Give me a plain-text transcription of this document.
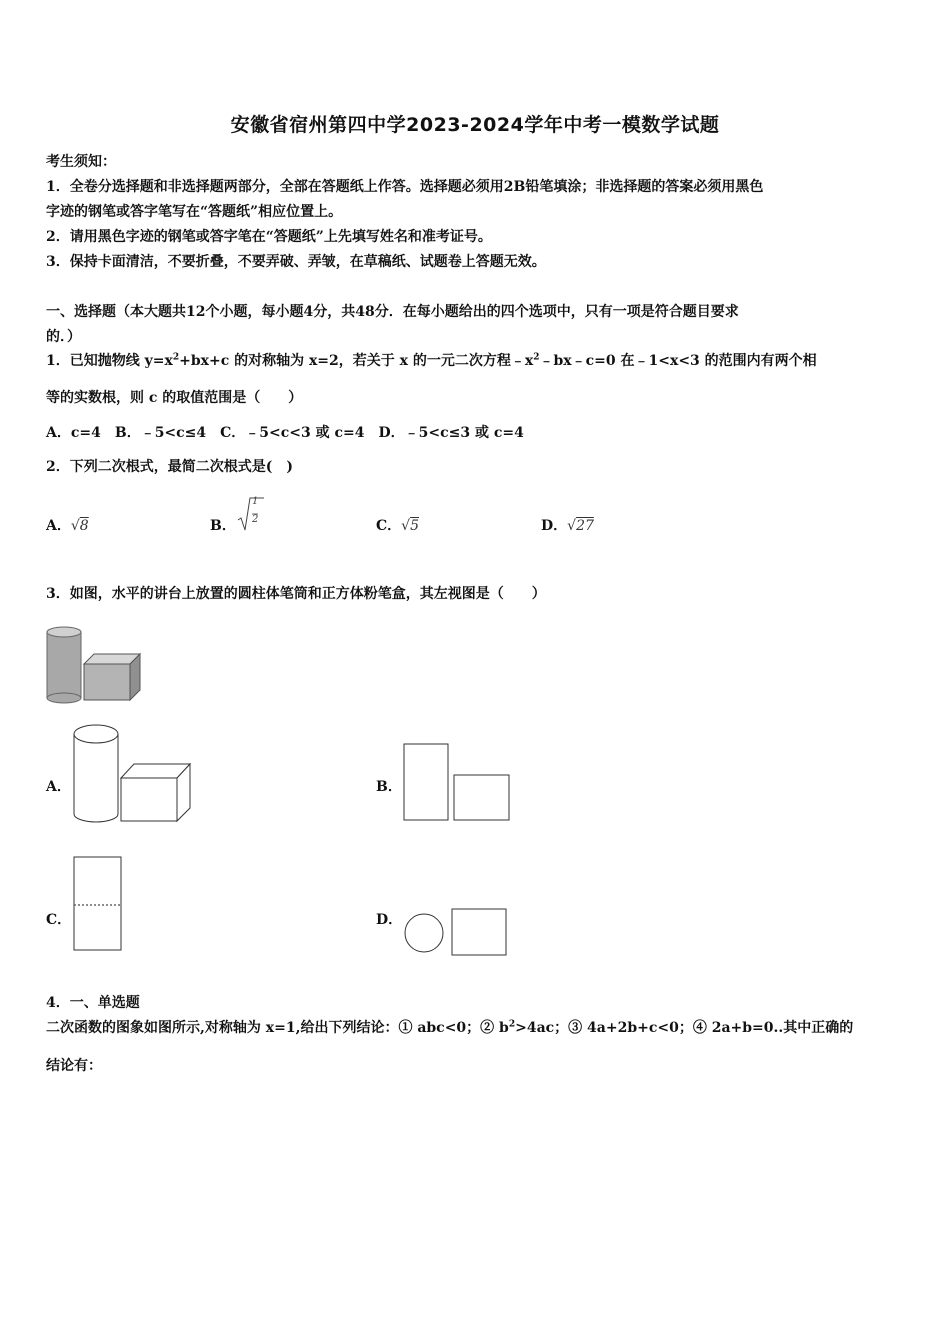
安徽省宿州第四中学2023-2024学年中考一模数学试题
考生须知：
1．全卷分选择题和非选择题两部分，全部在答题纸上作答。选择题必须用2B铅笔填涂；非选择题的答案必须用黑色
字迹的钢笔或答字笔写在“答题纸”相应位置上。
2．请用黑色字迹的钢笔或答字笔在“答题纸”上先填写姓名和准考证号。
3．保持卡面清洁，不要折叠，不要弄破、弄皱，在草稿纸、试题卷上答题无效。
一、选择题（本大题共12个小题，每小题4分，共48分．在每小题给出的四个选项中，只有一项是符合题目要求
的．）
1．已知抛物线 $y=x^2+bx+c$ 的对称轴为 x=2，若关于 x 的一元二次方程$﹣x^2﹣bx﹣c=0$ 在﹣1<x<3 的范围内有两个相
等的实数根，则 c 的取值范围是（　　）
A．c=4　B．﹣5<c≤4　C．﹣5<c<3 或 c=4　D．﹣5<c≤3 或 c=4
2．下列二次根式，最简二次根式是(　)
A．√8	B．
1
2	C．√5	D．√27
3．如图，水平的讲台上放置的圆柱体笔筒和正方体粉笔盒，其左视图是（　　）
A．	B．
C．	D．
4．一、单选题
二次函数的图象如图所示,对称轴为 x=1,给出下列结论：① abc<0；② $b^2>4ac$；③ 4a+2b+c<0；④ 2a+b=0..其中正确的
结论有：
